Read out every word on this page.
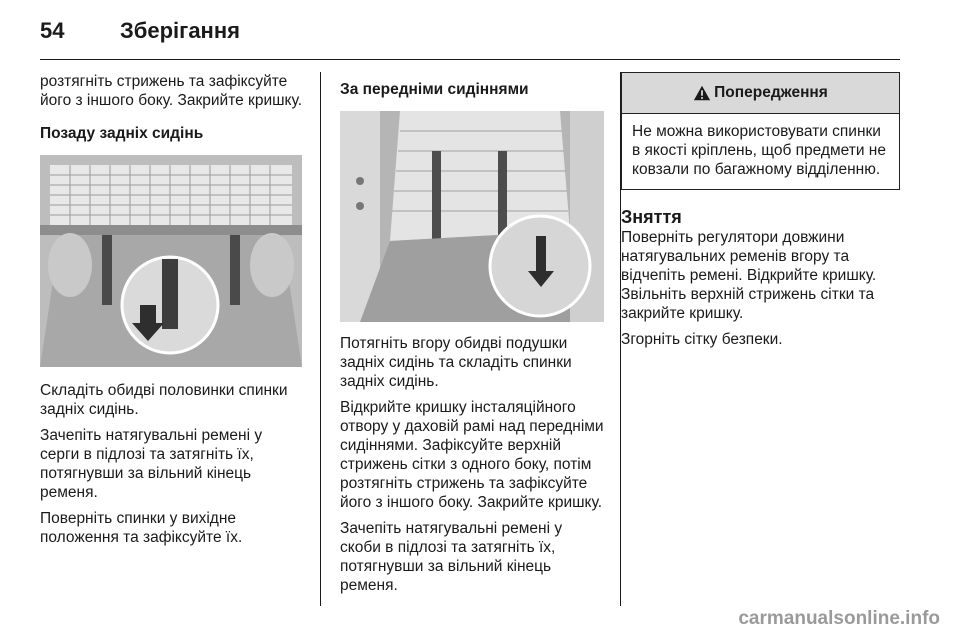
54	Зберігання

розтягніть стрижень та зафіксуйте його з іншого боку. Закрийте кришку.

Позаду задніх сидінь

Складіть обидві половинки спинки задніх сидінь.

Зачепіть натягувальні ремені у серги в підлозі та затягніть їх, потягнувши за вільний кінець ременя.

Поверніть спинки у вихідне положення та зафіксуйте їх.

За передніми сидіннями

Потягніть вгору обидві подушки задніх сидінь та складіть спинки задніх сидінь.

Відкрийте кришку інсталяційного отвору у даховій рамі над передніми сидіннями. Зафіксуйте верхній стрижень сітки з одного боку, потім розтягніть стрижень та зафіксуйте його з іншого боку. Закрийте кришку.

Зачепіть натягувальні ремені у скоби в підлозі та затягніть їх, потягнувши за вільний кінець ременя.

Попередження

Не можна використовувати спинки в якості кріплень, щоб предмети не ковзали по багажному відділенню.

Зняття

Поверніть регулятори довжини натягувальних ременів вгору та відчепіть ремені. Відкрийте кришку. Звільніть верхній стрижень сітки та закрийте кришку.

Згорніть сітку безпеки.

carmanualsonline.info
